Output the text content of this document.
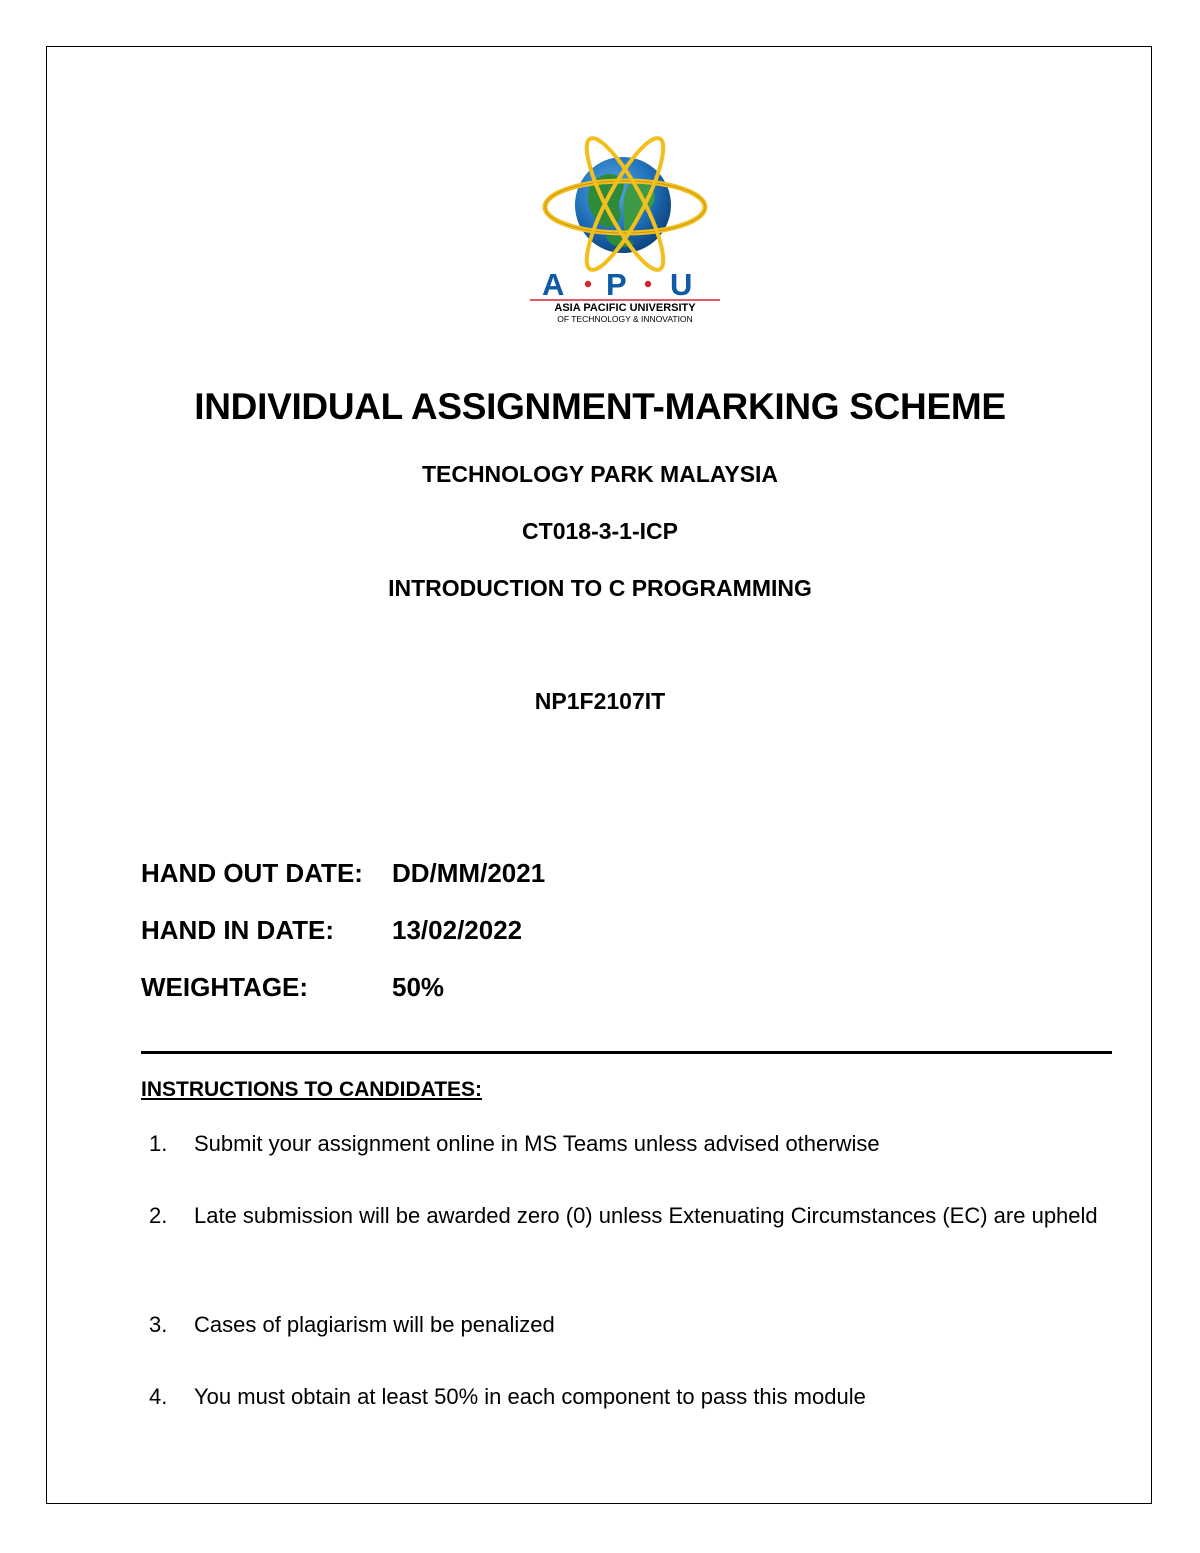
A P U
ASIA PACIFIC UNIVERSITY
OF TECHNOLOGY & INNOVATION
INDIVIDUAL ASSIGNMENT-MARKING SCHEME
TECHNOLOGY PARK MALAYSIA
CT018-3-1-ICP
INTRODUCTION TO C PROGRAMMING
NP1F2107IT
HAND OUT DATE: DD/MM/2021
HAND IN DATE: 13/02/2022
WEIGHTAGE:	50%
INSTRUCTIONS TO CANDIDATES:
1. Submit your assignment online in MS Teams unless advised otherwise
2. Late submission will be awarded zero (0) unless Extenuating Circumstances (EC) are upheld
3. Cases of plagiarism will be penalized
4. You must obtain at least 50% in each component to pass this module
